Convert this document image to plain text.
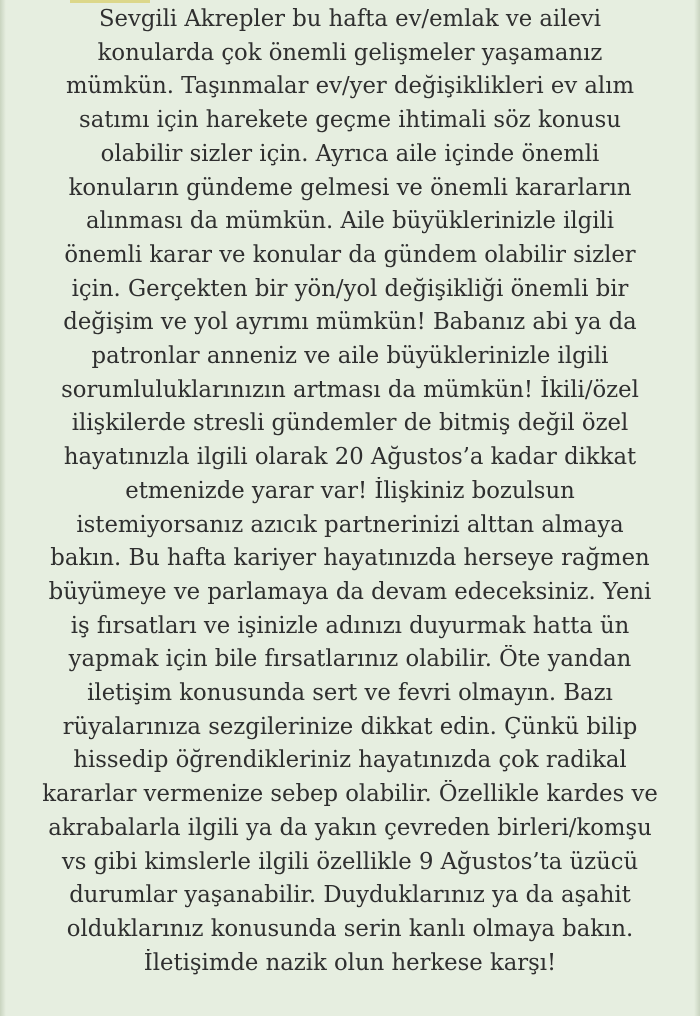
Sevgili Akrepler bu hafta ev/emlak ve ailevi
konularda çok önemli gelişmeler yaşamanız
mümkün. Taşınmalar ev/yer değişiklikleri ev alım
satımı için harekete geçme ihtimali söz konusu
olabilir sizler için. Ayrıca aile içinde önemli
konuların gündeme gelmesi ve önemli kararların
alınması da mümkün. Aile büyüklerinizle ilgili
önemli karar ve konular da gündem olabilir sizler
için. Gerçekten bir yön/yol değişikliği önemli bir
değişim ve yol ayrımı mümkün! Babanız abi ya da
patronlar anneniz ve aile büyüklerinizle ilgili
sorumluluklarınızın artması da mümkün! İkili/özel
ilişkilerde stresli gündemler de bitmiş değil özel
hayatınızla ilgili olarak 20 Ağustos’a kadar dikkat
etmenizde yarar var! İlişkiniz bozulsun
istemiyorsanız azıcık partnerinizi alttan almaya
bakın. Bu hafta kariyer hayatınızda herseye rağmen
büyümeye ve parlamaya da devam edeceksiniz. Yeni
iş fırsatları ve işinizle adınızı duyurmak hatta ün
yapmak için bile fırsatlarınız olabilir. Öte yandan
iletişim konusunda sert ve fevri olmayın. Bazı
rüyalarınıza sezgilerinize dikkat edin. Çünkü bilip
hissedip öğrendikleriniz hayatınızda çok radikal
kararlar vermenize sebep olabilir. Özellikle kardes ve
akrabalarla ilgili ya da yakın çevreden birleri/komşu
vs gibi kimslerle ilgili özellikle 9 Ağustos’ta üzücü
durumlar yaşanabilir. Duyduklarınız ya da aşahit
olduklarınız konusunda serin kanlı olmaya bakın.
İletişimde nazik olun herkese karşı!
